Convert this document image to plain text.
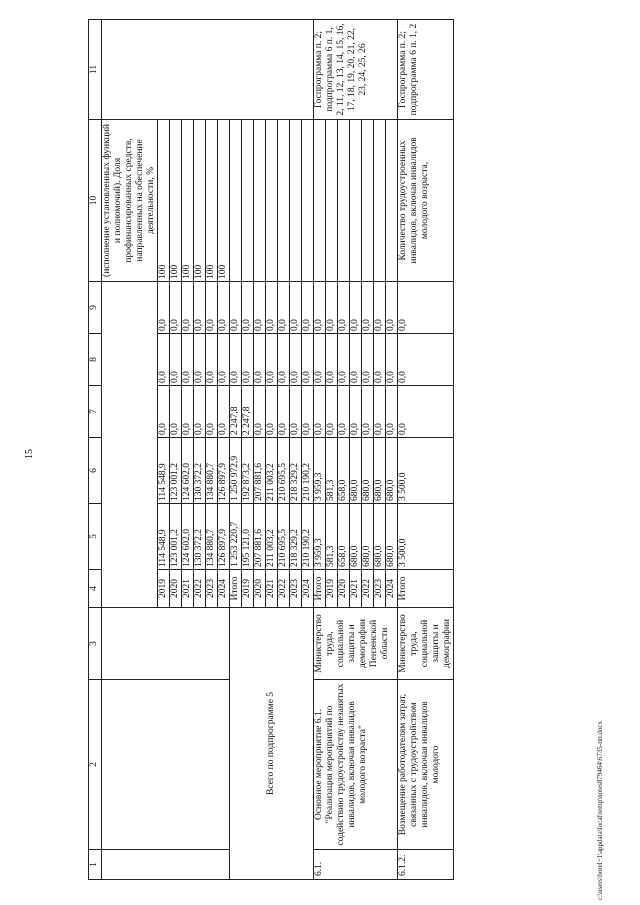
15
1	2	3	4	5	6	7	8	9	10	11
									(исполнение установленных функций и полномочий). Доля профинансированных средств, направленных на обеспечение деятельности, %	
			2019	114 548,9	114 548,9	0,0	0,0	0,0	100	
			2020	123 001,2	123 001,2	0,0	0,0	0,0	100	
			2021	124 602,0	124 602,0	0,0	0,0	0,0	100	
			2022	130 372,2	130 372,2	0,0	0,0	0,0	100	
			2023	134 880,7	134 880,7	0,0	0,0	0,0	100	
			2024	126 897,9	126 897,9	0,0	0,0	0,0	100	
Всего по подпрограмме 5			Итого	1 253 220,7	1 250 972,9	2 247,8	0,0	0,0		
			2019	195 121,0	192 873,2	2 247,8	0,0	0,0		
			2020	207 881,6	207 881,6	0,0	0,0	0,0		
			2021	211 003,2	211 003,2	0,0	0,0	0,0		
			2022	210 695,5	210 695,5	0,0	0,0	0,0		
			2023	218 329,2	218 329,2	0,0	0,0	0,0		
			2024	210 190,2	210 190,2	0,0	0,0	0,0		
6.1.	Основное мероприятие 6.1. "Реализация мероприятий по содействию трудоустройству незанятых инвалидов, включая инвалидов молодого возраста"	Министерство труда, социальной защиты и демографии Пензенской области	Итого	3 959,3	3 959,3	0,0	0,0	0,0		Госпрограмма п. 2; подпрограмма 6 п. 1, 2, 11, 12, 13, 14, 15, 16, 17, 18, 19, 20, 21, 22, 23, 24, 25, 26
			2019	581,3	581,3	0,0	0,0	0,0		
			2020	658,0	658,0	0,0	0,0	0,0		
			2021	680,0	680,0	0,0	0,0	0,0		
			2022	680,0	680,0	0,0	0,0	0,0		
			2023	680,0	680,0	0,0	0,0	0,0		
			2024	680,0	680,0	0,0	0,0	0,0		
6.1.2.	Возмещение работодателям затрат, связанных с трудоустройством инвалидов, включая инвалидов молодого	Министерство труда, социальной защиты и демографии	Итого	3 500,0	3 500,0	0,0	0,0	0,0	Количество трудоустроенных инвалидов, включая инвалидов молодого возраста,	Госпрограмма п. 2; подпрограмма 6 п. 1, 2
c:\users\borel~1\appdata\local\temp\notes879464\6735-пп.docx
